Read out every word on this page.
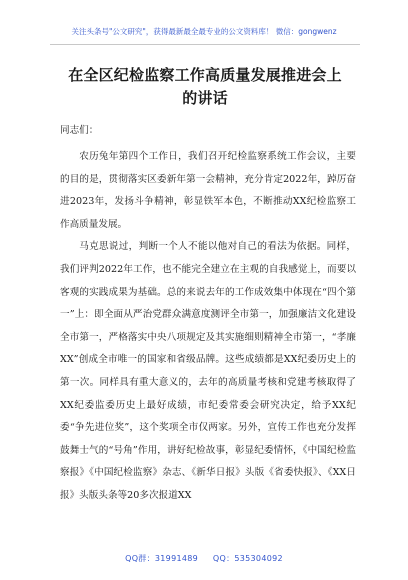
关注头条号"公文研究"，获得最新最全最专业的公文资料库！ 微信：gongwenz
在全区纪检监察工作高质量发展推进会上
的讲话
同志们：

农历兔年第四个工作日，我们召开纪检监察系统工作会议，主要的目的是，贯彻落实区委新年第一会精神，充分肯定2022年，踔厉奋进2023年，发扬斗争精神，彰显铁军本色，不断推动XX纪检监察工作高质量发展。

马克思说过，判断一个人不能以他对自己的看法为依据。同样，我们评判2022年工作，也不能完全建立在主观的自我感觉上，而要以客观的实践成果为基础。总的来说去年的工作成效集中体现在“四个第一”上：即全面从严治党群众满意度测评全市第一，加强廉洁文化建设全市第一，严格落实中央八项规定及其实施细则精神全市第一，“孝廉XX”创成全市唯一的国家和省级品牌。这些成绩都是XX纪委历史上的第一次。同样具有重大意义的，去年的高质量考核和党建考核取得了XX纪委监委历史上最好成绩，市纪委常委会研究决定，给予XX纪委“争先进位奖”，这个奖项全市仅两家。另外，宣传工作也充分发挥鼓舞士气的“号角”作用，讲好纪检故事，彰显纪委情怀，《中国纪检监察报》《中国纪检监察》杂志、《新华日报》头版《省委快报》、《XX日报》头版头条等20多次报道XX

QQ群：31991489 QQ：535304092
